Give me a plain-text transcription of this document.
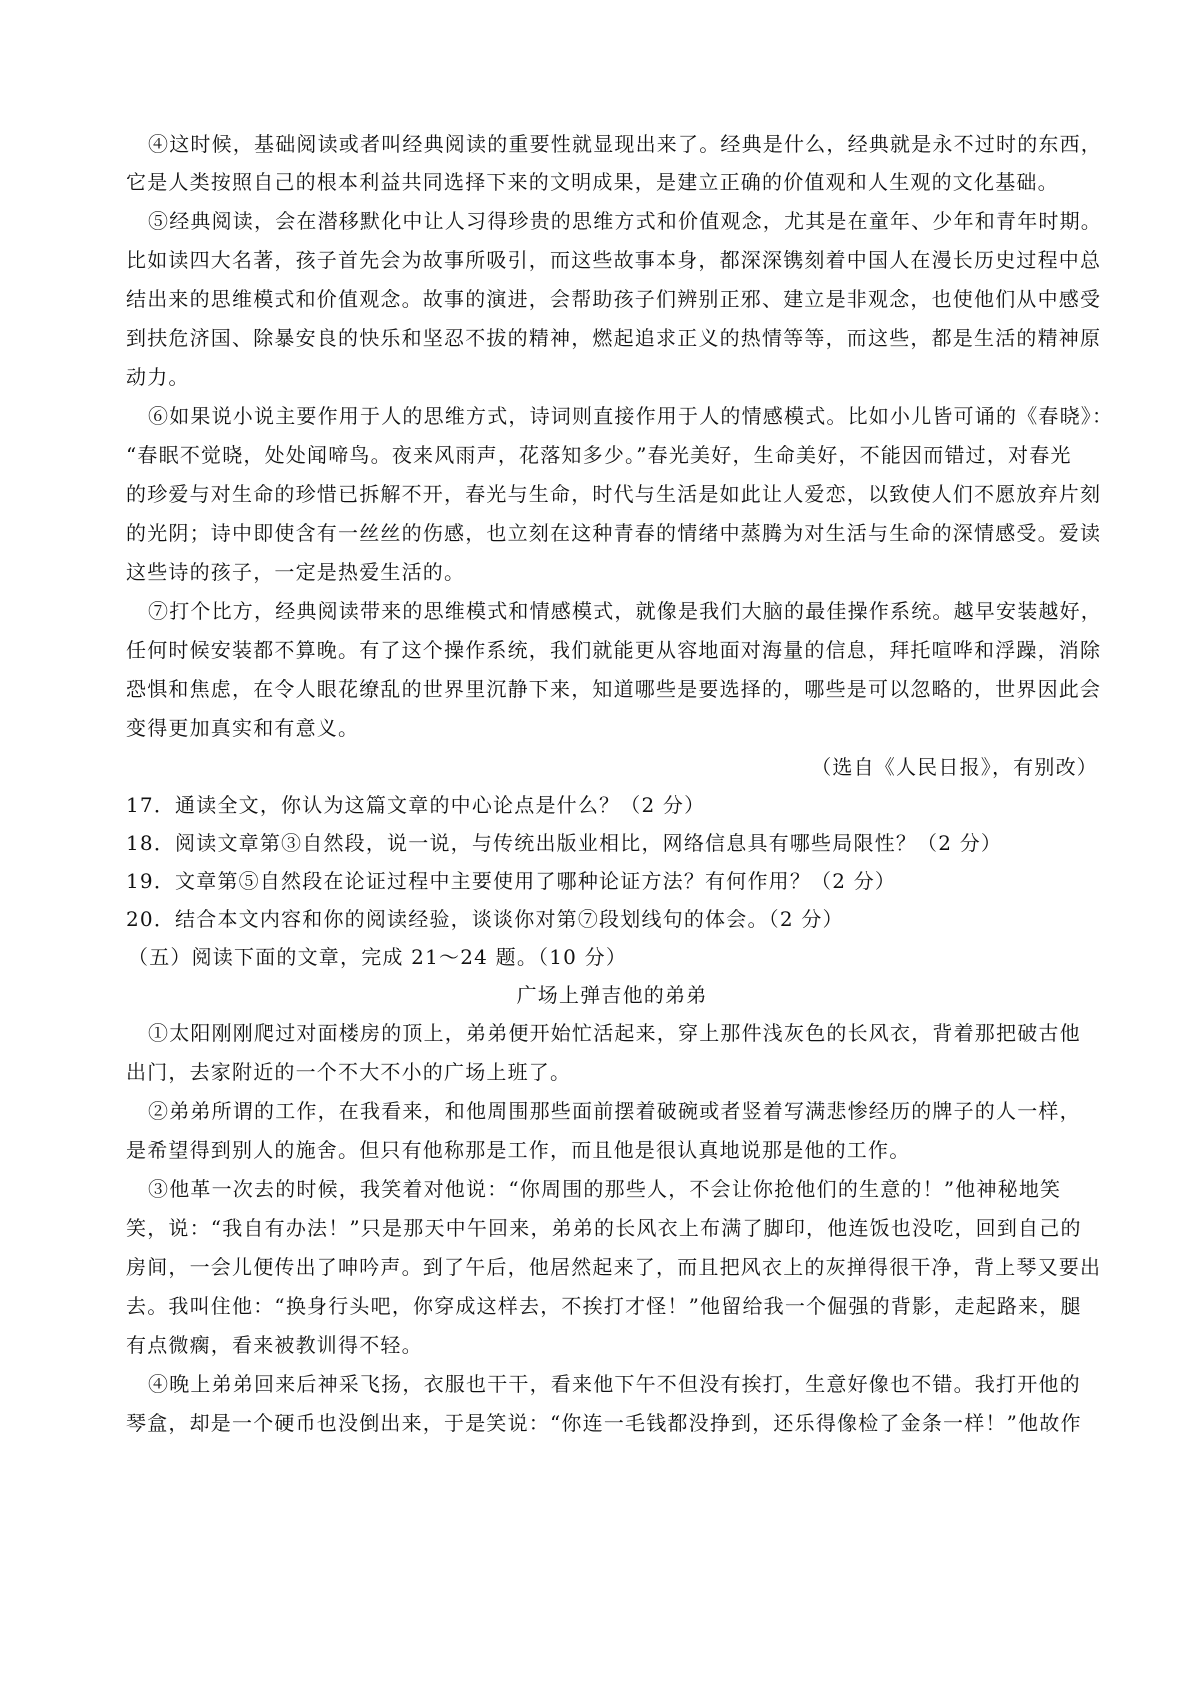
④这时候，基础阅读或者叫经典阅读的重要性就显现出来了。经典是什么，经典就是永不过时的东西，
它是人类按照自己的根本利益共同选择下来的文明成果，是建立正确的价值观和人生观的文化基础。
⑤经典阅读，会在潜移默化中让人习得珍贵的思维方式和价值观念，尤其是在童年、少年和青年时期。
比如读四大名著，孩子首先会为故事所吸引，而这些故事本身，都深深镌刻着中国人在漫长历史过程中总
结出来的思维模式和价值观念。故事的演进，会帮助孩子们辨别正邪、建立是非观念，也使他们从中感受
到扶危济国、除暴安良的快乐和坚忍不拔的精神，燃起追求正义的热情等等，而这些，都是生活的精神原
动力。
⑥如果说小说主要作用于人的思维方式，诗词则直接作用于人的情感模式。比如小儿皆可诵的《春晓》：
“春眠不觉晓，处处闻啼鸟。夜来风雨声，花落知多少。”春光美好，生命美好，不能因而错过，对春光
的珍爱与对生命的珍惜已拆解不开，春光与生命，时代与生活是如此让人爱恋，以致使人们不愿放弃片刻
的光阴；诗中即使含有一丝丝的伤感，也立刻在这种青春的情绪中蒸腾为对生活与生命的深情感受。爱读
这些诗的孩子，一定是热爱生活的。
⑦打个比方，经典阅读带来的思维模式和情感模式，就像是我们大脑的最佳操作系统。越早安装越好，
任何时候安装都不算晚。有了这个操作系统，我们就能更从容地面对海量的信息，拜托喧哗和浮躁，消除
恐惧和焦虑，在令人眼花缭乱的世界里沉静下来，知道哪些是要选择的，哪些是可以忽略的，世界因此会
变得更加真实和有意义。
（选自《人民日报》，有别改）
17．通读全文，你认为这篇文章的中心论点是什么？（2 分）
18．阅读文章第③自然段，说一说，与传统出版业相比，网络信息具有哪些局限性？（2 分）
19．文章第⑤自然段在论证过程中主要使用了哪种论证方法？有何作用？（2 分）
20．结合本文内容和你的阅读经验，谈谈你对第⑦段划线句的体会。（2 分）
（五）阅读下面的文章，完成 21～24 题。（10 分）
广场上弹吉他的弟弟
①太阳刚刚爬过对面楼房的顶上，弟弟便开始忙活起来，穿上那件浅灰色的长风衣，背着那把破古他
出门，去家附近的一个不大不小的广场上班了。
②弟弟所谓的工作，在我看来，和他周围那些面前摆着破碗或者竖着写满悲惨经历的牌子的人一样，
是希望得到别人的施舍。但只有他称那是工作，而且他是很认真地说那是他的工作。
③他革一次去的时候，我笑着对他说：“你周围的那些人，不会让你抢他们的生意的！”他神秘地笑
笑，说：“我自有办法！”只是那天中午回来，弟弟的长风衣上布满了脚印，他连饭也没吃，回到自己的
房间，一会儿便传出了呻吟声。到了午后，他居然起来了，而且把风衣上的灰掸得很干净，背上琴又要出
去。我叫住他：“换身行头吧，你穿成这样去，不挨打才怪！”他留给我一个倔强的背影，走起路来，腿
有点微瘸，看来被教训得不轻。
④晚上弟弟回来后神采飞扬，衣服也干干，看来他下午不但没有挨打，生意好像也不错。我打开他的
琴盒，却是一个硬币也没倒出来，于是笑说：“你连一毛钱都没挣到，还乐得像检了金条一样！”他故作
